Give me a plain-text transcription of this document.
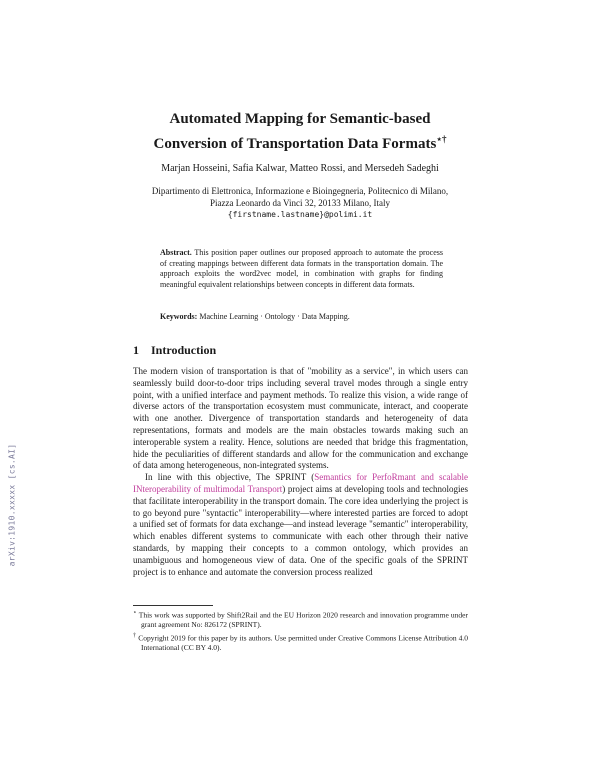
arXiv:1910.xxxxx [cs.AI]
Automated Mapping for Semantic-based
Conversion of Transportation Data Formats⋆†
Marjan Hosseini, Safia Kalwar, Matteo Rossi, and Mersedeh Sadeghi
Dipartimento di Elettronica, Informazione e Bioingegneria, Politecnico di Milano,
Piazza Leonardo da Vinci 32, 20133 Milano, Italy
{firstname.lastname}@polimi.it
Abstract. This position paper outlines our proposed approach to automate the process of creating mappings between different data formats in the transportation domain. The approach exploits the word2vec model, in combination with graphs for finding meaningful equivalent relationships between concepts in different data formats.
Keywords: Machine Learning · Ontology · Data Mapping.
1 Introduction

The modern vision of transportation is that of "mobility as a service", in which users can seamlessly build door-to-door trips including several travel modes through a single entry point, with a unified interface and payment methods. To realize this vision, a wide range of diverse actors of the transportation ecosystem must communicate, interact, and cooperate with one another. Divergence of transportation standards and heterogeneity of data representations, formats and models are the main obstacles towards making such an interoperable system a reality. Hence, solutions are needed that bridge this fragmentation, hide the peculiarities of different standards and allow for the communication and exchange of data among heterogeneous, non-integrated systems.

In line with this objective, The SPRINT (Semantics for PerfoRmant and scalable INteroperability of multimodal Transport) project aims at developing tools and technologies that facilitate interoperability in the transport domain. The core idea underlying the project is to go beyond pure "syntactic" interoperability—where interested parties are forced to adopt a unified set of formats for data exchange—and instead leverage "semantic" interoperability, which enables different systems to communicate with each other through their native standards, by mapping their concepts to a common ontology, which provides an unambiguous and homogeneous view of data. One of the specific goals of the SPRINT project is to enhance and automate the conversion process realized

⋆ This work was supported by Shift2Rail and the EU Horizon 2020 research and innovation programme under grant agreement No: 826172 (SPRINT).
† Copyright 2019 for this paper by its authors. Use permitted under Creative Commons License Attribution 4.0 International (CC BY 4.0).
